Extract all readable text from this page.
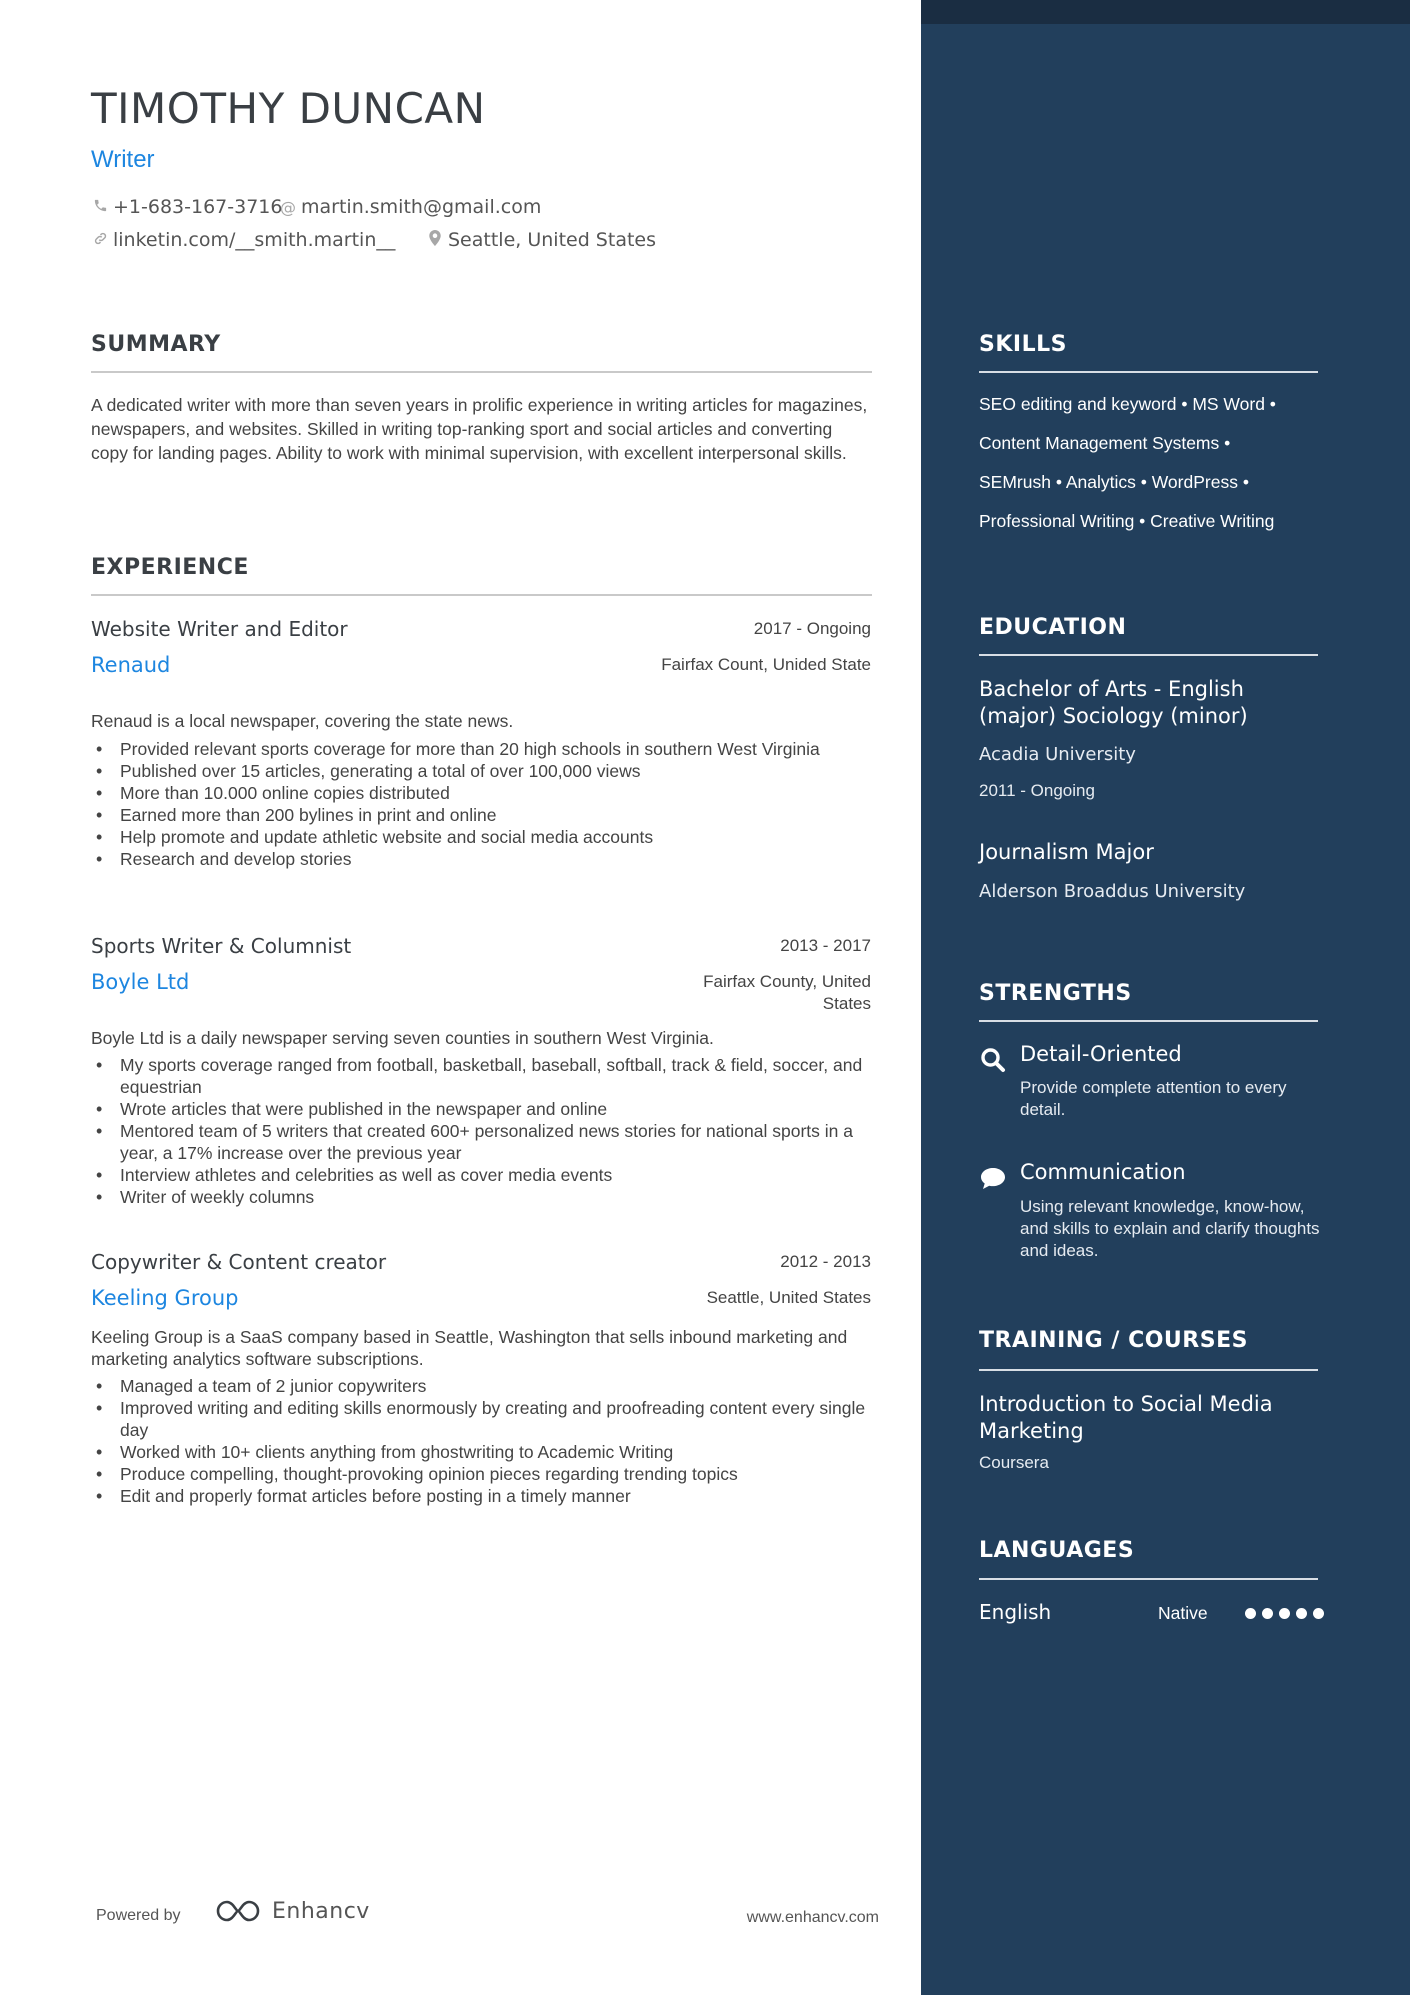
TIMOTHY DUNCAN
Writer
+1-683-167-3716
@ martin.smith@gmail.com
linketin.com/__smith.martin__	Seattle, United States
SUMMARY

A dedicated writer with more than seven years in prolific experience in writing articles for magazines, newspapers, and websites. Skilled in writing top-ranking sport and social articles and converting copy for landing pages. Ability to work with minimal supervision, with excellent interpersonal skills.

EXPERIENCE
Website Writer and Editor	2017 - Ongoing
Renaud	Fairfax Count, Unided State
Renaud is a local newspaper, covering the state news.
• Provided relevant sports coverage for more than 20 high schools in southern West Virginia
• Published over 15 articles, generating a total of over 100,000 views
• More than 10.000 online copies distributed
• Earned more than 200 bylines in print and online
• Help promote and update athletic website and social media accounts
• Research and develop stories
Sports Writer & Columnist	2013 - 2017
Boyle Ltd	Fairfax County, United States
Boyle Ltd is a daily newspaper serving seven counties in southern West Virginia.
• My sports coverage ranged from football, basketball, baseball, softball, track & field, soccer, and equestrian
• Wrote articles that were published in the newspaper and online
• Mentored team of 5 writers that created 600+ personalized news stories for national sports in a year, a 17% increase over the previous year
• Interview athletes and celebrities as well as cover media events
• Writer of weekly columns
Copywriter & Content creator	2012 - 2013
Keeling Group	Seattle, United States
Keeling Group is a SaaS company based in Seattle, Washington that sells inbound marketing and marketing analytics software subscriptions.
• Managed a team of 2 junior copywriters
• Improved writing and editing skills enormously by creating and proofreading content every single day
• Worked with 10+ clients anything from ghostwriting to Academic Writing
• Produce compelling, thought-provoking opinion pieces regarding trending topics
• Edit and properly format articles before posting in a timely manner
Powered by	Enhancv	www.enhancv.com
SKILLS
SEO editing and keyword • MS Word •
Content Management Systems •
SEMrush • Analytics • WordPress •
Professional Writing • Creative Writing
EDUCATION
Bachelor of Arts - English (major) Sociology (minor)
Acadia University
2011 - Ongoing
Journalism Major
Alderson Broaddus University
STRENGTHS
Detail-Oriented
Provide complete attention to every detail.
Communication
Using relevant knowledge, know-how, and skills to explain and clarify thoughts and ideas.
TRAINING / COURSES
Introduction to Social Media Marketing
Coursera
LANGUAGES
English	Native
